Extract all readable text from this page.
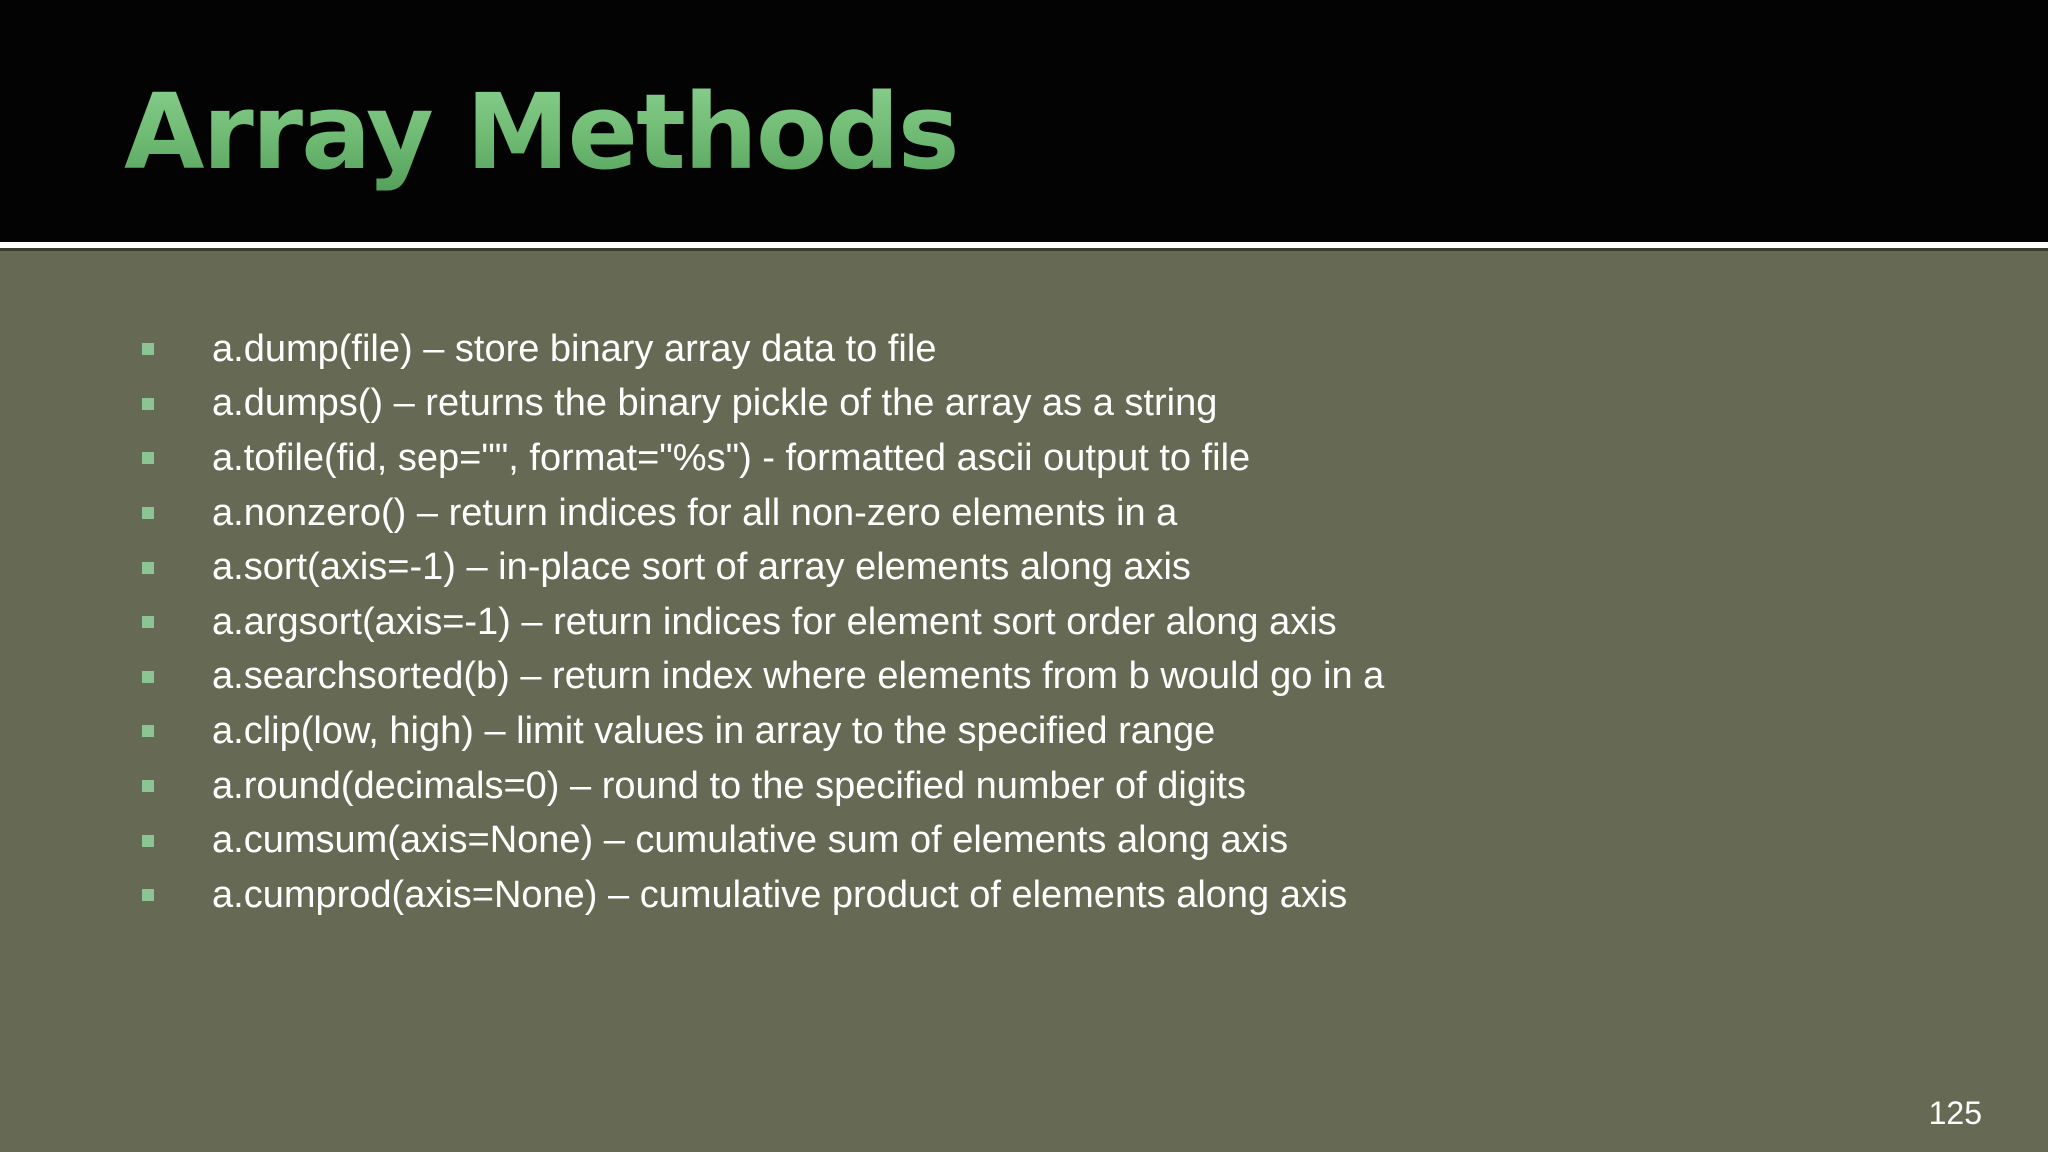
Array Methods
a.dump(file) – store binary array data to file
a.dumps() – returns the binary pickle of the array as a string
a.tofile(fid, sep="", format="%s") - formatted ascii output to file
a.nonzero() – return indices for all non-zero elements in a
a.sort(axis=-1) – in-place sort of array elements along axis
a.argsort(axis=-1) – return indices for element sort order along axis
a.searchsorted(b) – return index where elements from b would go in a
a.clip(low, high) – limit values in array to the specified range
a.round(decimals=0) – round to the specified number of digits
a.cumsum(axis=None) – cumulative sum of elements along axis
a.cumprod(axis=None) – cumulative product of elements along axis
125
